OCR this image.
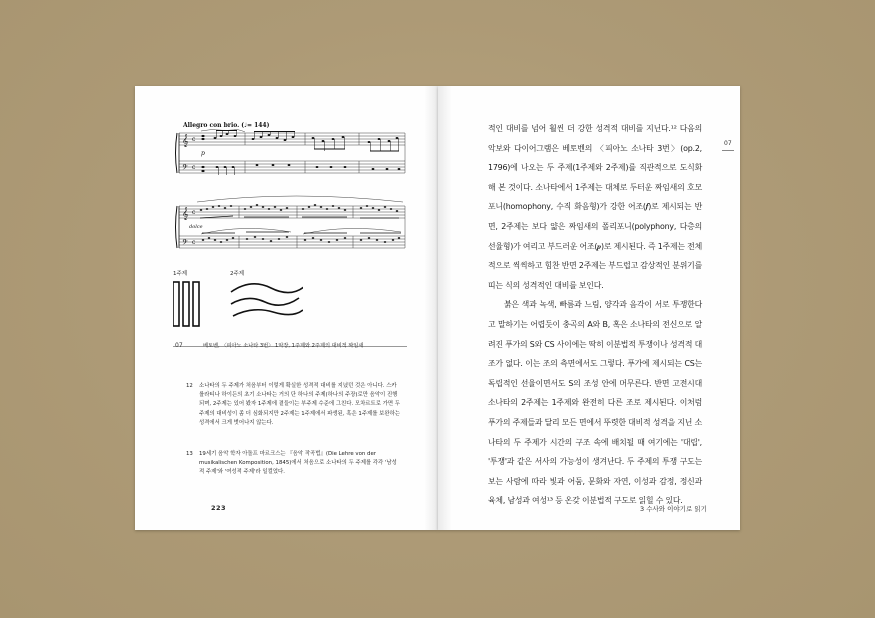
Allegro con brio. (♩= 144)
𝄞
𝄢
c
c
p
𝄞
𝄢
c
c
dolce
1주제	2주제
07	베토벤, 〈피아노 소나타 3번〉 1악장, 1주제와 2주제의 대비적 짜임새
12 소나타의 두 주제가 처음부터 이렇게 확실한 성격적 대비를 지녔던 것은 아니다. 스카를라티나 하이든의 초기 소나타는 거의 단 하나의 주제(하나의 주장)로만 음악이 진행되며, 2주제는 있어 봤자 1주제에 곁들이는 부주제 수준에 그친다. 모차르트로 가면 두 주제의 대비성이 좀 더 심화되지만 2주제는 1주제에서 파생된, 혹은 1주제를 보완하는 성격에서 크게 벗어나지 않는다.
13 19세기 음악 학자 아돌프 마르크스는 『음악 작곡법』(Die Lehre von der musikalischen Komposition, 1845)에서 처음으로 소나타의 두 주제를 각각 '남성적 주제'와 '여성적 주제'라 일컬었다.
223
07

적인 대비를 넘어 훨씬 더 강한 성격적 대비를 지닌다.¹² 다음의 악보와 다이어그램은 베토벤의 〈피아노 소나타 3번〉(op.2, 1796)에 나오는 두 주제(1주제와 2주제)를 직관적으로 도식화해 본 것이다. 소나타에서 1주제는 대체로 두터운 짜임새의 호모포니(homophony, 수직 화음형)가 강한 어조(𝆑)로 제시되는 반면, 2주제는 보다 얇은 짜임새의 폴리포니(polyphony, 다층의 선율형)가 여리고 부드러운 어조(𝆏)로 제시된다. 즉 1주제는 전체적으로 씩씩하고 힘찬 반면 2주제는 부드럽고 감상적인 분위기를 띠는 식의 성격적인 대비를 보인다.

붉은 색과 녹색, 빠름과 느림, 양각과 음각이 서로 투쟁한다고 말하기는 어렵듯이 충곡의 A와 B, 혹은 소나타의 전신으로 알려진 푸가의 S와 CS 사이에는 딱히 이분법적 투쟁이나 성격적 대조가 없다. 이는 조의 측면에서도 그렇다. 푸가에 제시되는 CS는 독립적인 선율이면서도 S의 조성 안에 머무른다. 반면 고전시대 소나타의 2주제는 1주제와 완전히 다른 조로 제시된다. 이처럼 푸가의 주제들과 달리 모든 면에서 뚜렷한 대비적 성격을 지닌 소나타의 두 주제가 시간의 구조 속에 배치될 때 여기에는 '대립', '투쟁'과 같은 서사의 가능성이 생겨난다. 두 주제의 투쟁 구도는 보는 사람에 따라 빛과 어둠, 문화와 자연, 이성과 감정, 정신과 육체, 남성과 여성¹³ 등 온갖 이분법적 구도로 읽힐 수 있다.

3 수사와 이야기로 읽기
